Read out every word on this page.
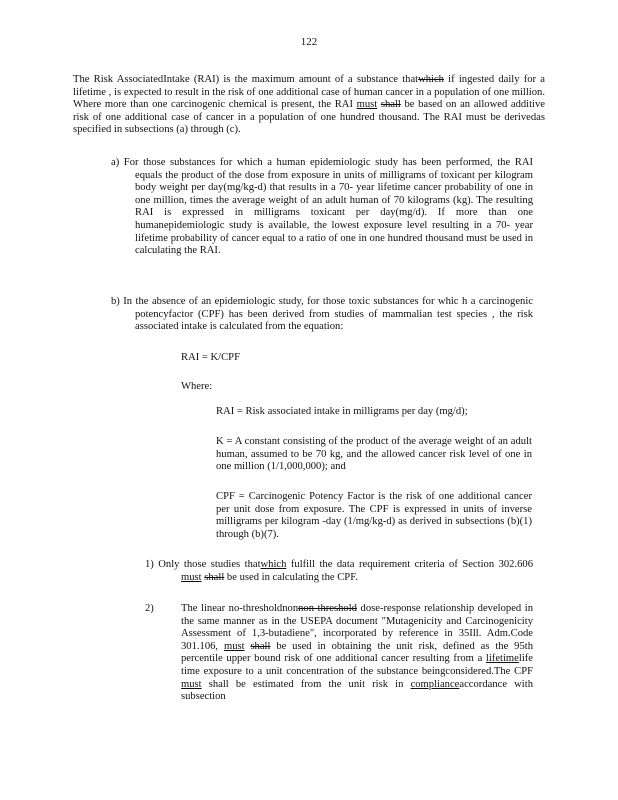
122

The Risk AssociatedIntake (RAI) is the maximum amount of a substance thatwhich if ingested daily for a lifetime , is expected to result in the risk of one additional case of human cancer in a population of one million. Where more than one carcinogenic chemical is present, the RAI must shall be based on an allowed additive risk of one additional case of cancer in a population of one hundred thousand. The RAI must be derivedas specified in subsections (a) through (c).

a) For those substances for which a human epidemiologic study has been performed, the RAI equals the product of the dose from exposure in units of milligrams of toxicant per kilogram body weight per day(mg/kg-d) that results in a 70- year lifetime cancer probability of one in one million, times the average weight of an adult human of 70 kilograms (kg). The resulting RAI is expressed in milligrams toxicant per day(mg/d). If more than one humanepidemiologic study is available, the lowest exposure level resulting in a 70- year lifetime probability of cancer equal to a ratio of one in one hundred thousand must be used in calculating the RAI.

b) In the absence of an epidemiologic study, for those toxic substances for whic h a carcinogenic potencyfactor (CPF) has been derived from studies of mammalian test species , the risk associated intake is calculated from the equation:

RAI = K/CPF
Where:
RAI = Risk associated intake in milligrams per day (mg/d);
K = A constant consisting of the product of the average weight of an adult human, assumed to be 70 kg, and the allowed cancer risk level of one in one million (1/1,000,000); and
CPF = Carcinogenic Potency Factor is the risk of one additional cancer per unit dose from exposure. The CPF is expressed in units of inverse milligrams per kilogram -day (1/mg/kg-d) as derived in subsections (b)(1) through (b)(7).

1) Only those studies thatwhich fulfill the data requirement criteria of Section 302.606 must shall be used in calculating the CPF.

2)	The linear no-thresholdnonnon-threshold dose-response relationship developed in the same manner as in the USEPA document "Mutagenicity and Carcinogenicity Assessment of 1,3-butadiene", incorporated by reference in 35Ill. Adm.Code 301.106, must shall be used in obtaining the unit risk, defined as the 95th percentile upper bound risk of one additional cancer resulting from a lifetimelife time exposure to a unit concentration of the substance beingconsidered.The CPF must shall be estimated from the unit risk in complianceaccordance with subsection
